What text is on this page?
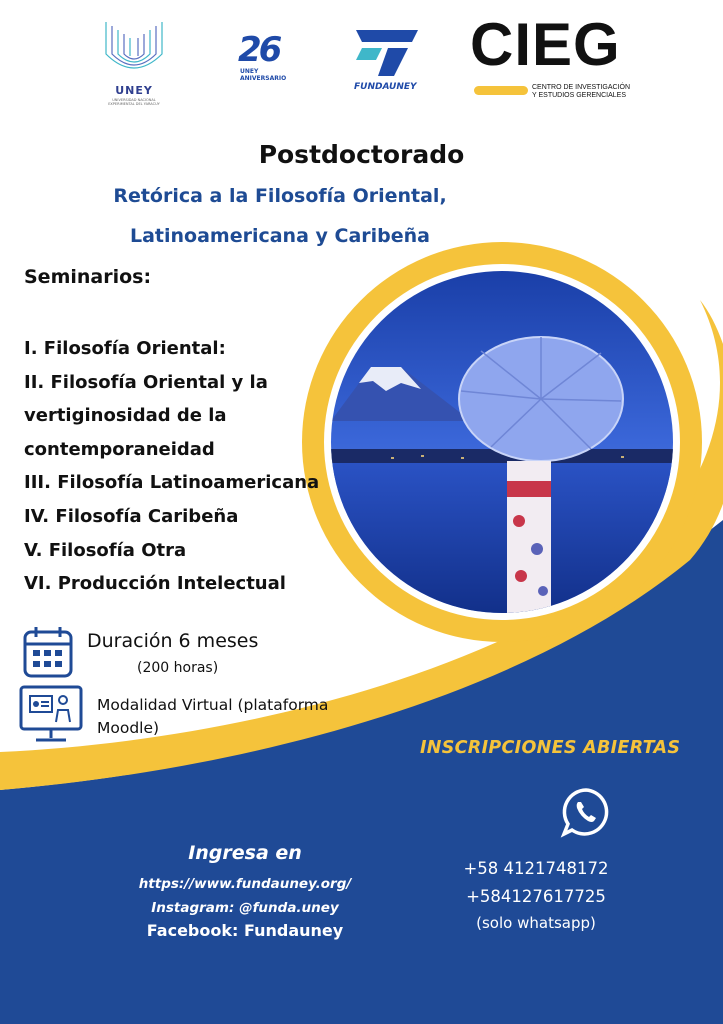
UNEY
UNIVERSIDAD NACIONAL EXPERIMENTAL DEL YARACUY
26
UNEY
ANIVERSARIO
FUNDAUNEY
CIEG
CENTRO DE INVESTIGACIÓN
Y ESTUDIOS GERENCIALES
Postdoctorado
Retórica a la Filosofía Oriental,
Latinoamericana y Caribeña
Seminarios:
I. Filosofía Oriental:
II. Filosofía Oriental y la
vertiginosidad de la
contemporaneidad
III. Filosofía Latinoamericana
IV. Filosofía Caribeña
V. Filosofía Otra
VI. Producción Intelectual
Duración 6 meses
(200 horas)
Modalidad Virtual (plataforma Moodle)
INSCRIPCIONES ABIERTAS
Ingresa en
https://www.fundauney.org/
Instagram: @funda.uney
Facebook: Fundauney
+58 4121748172
+584127617725
(solo whatsapp)
